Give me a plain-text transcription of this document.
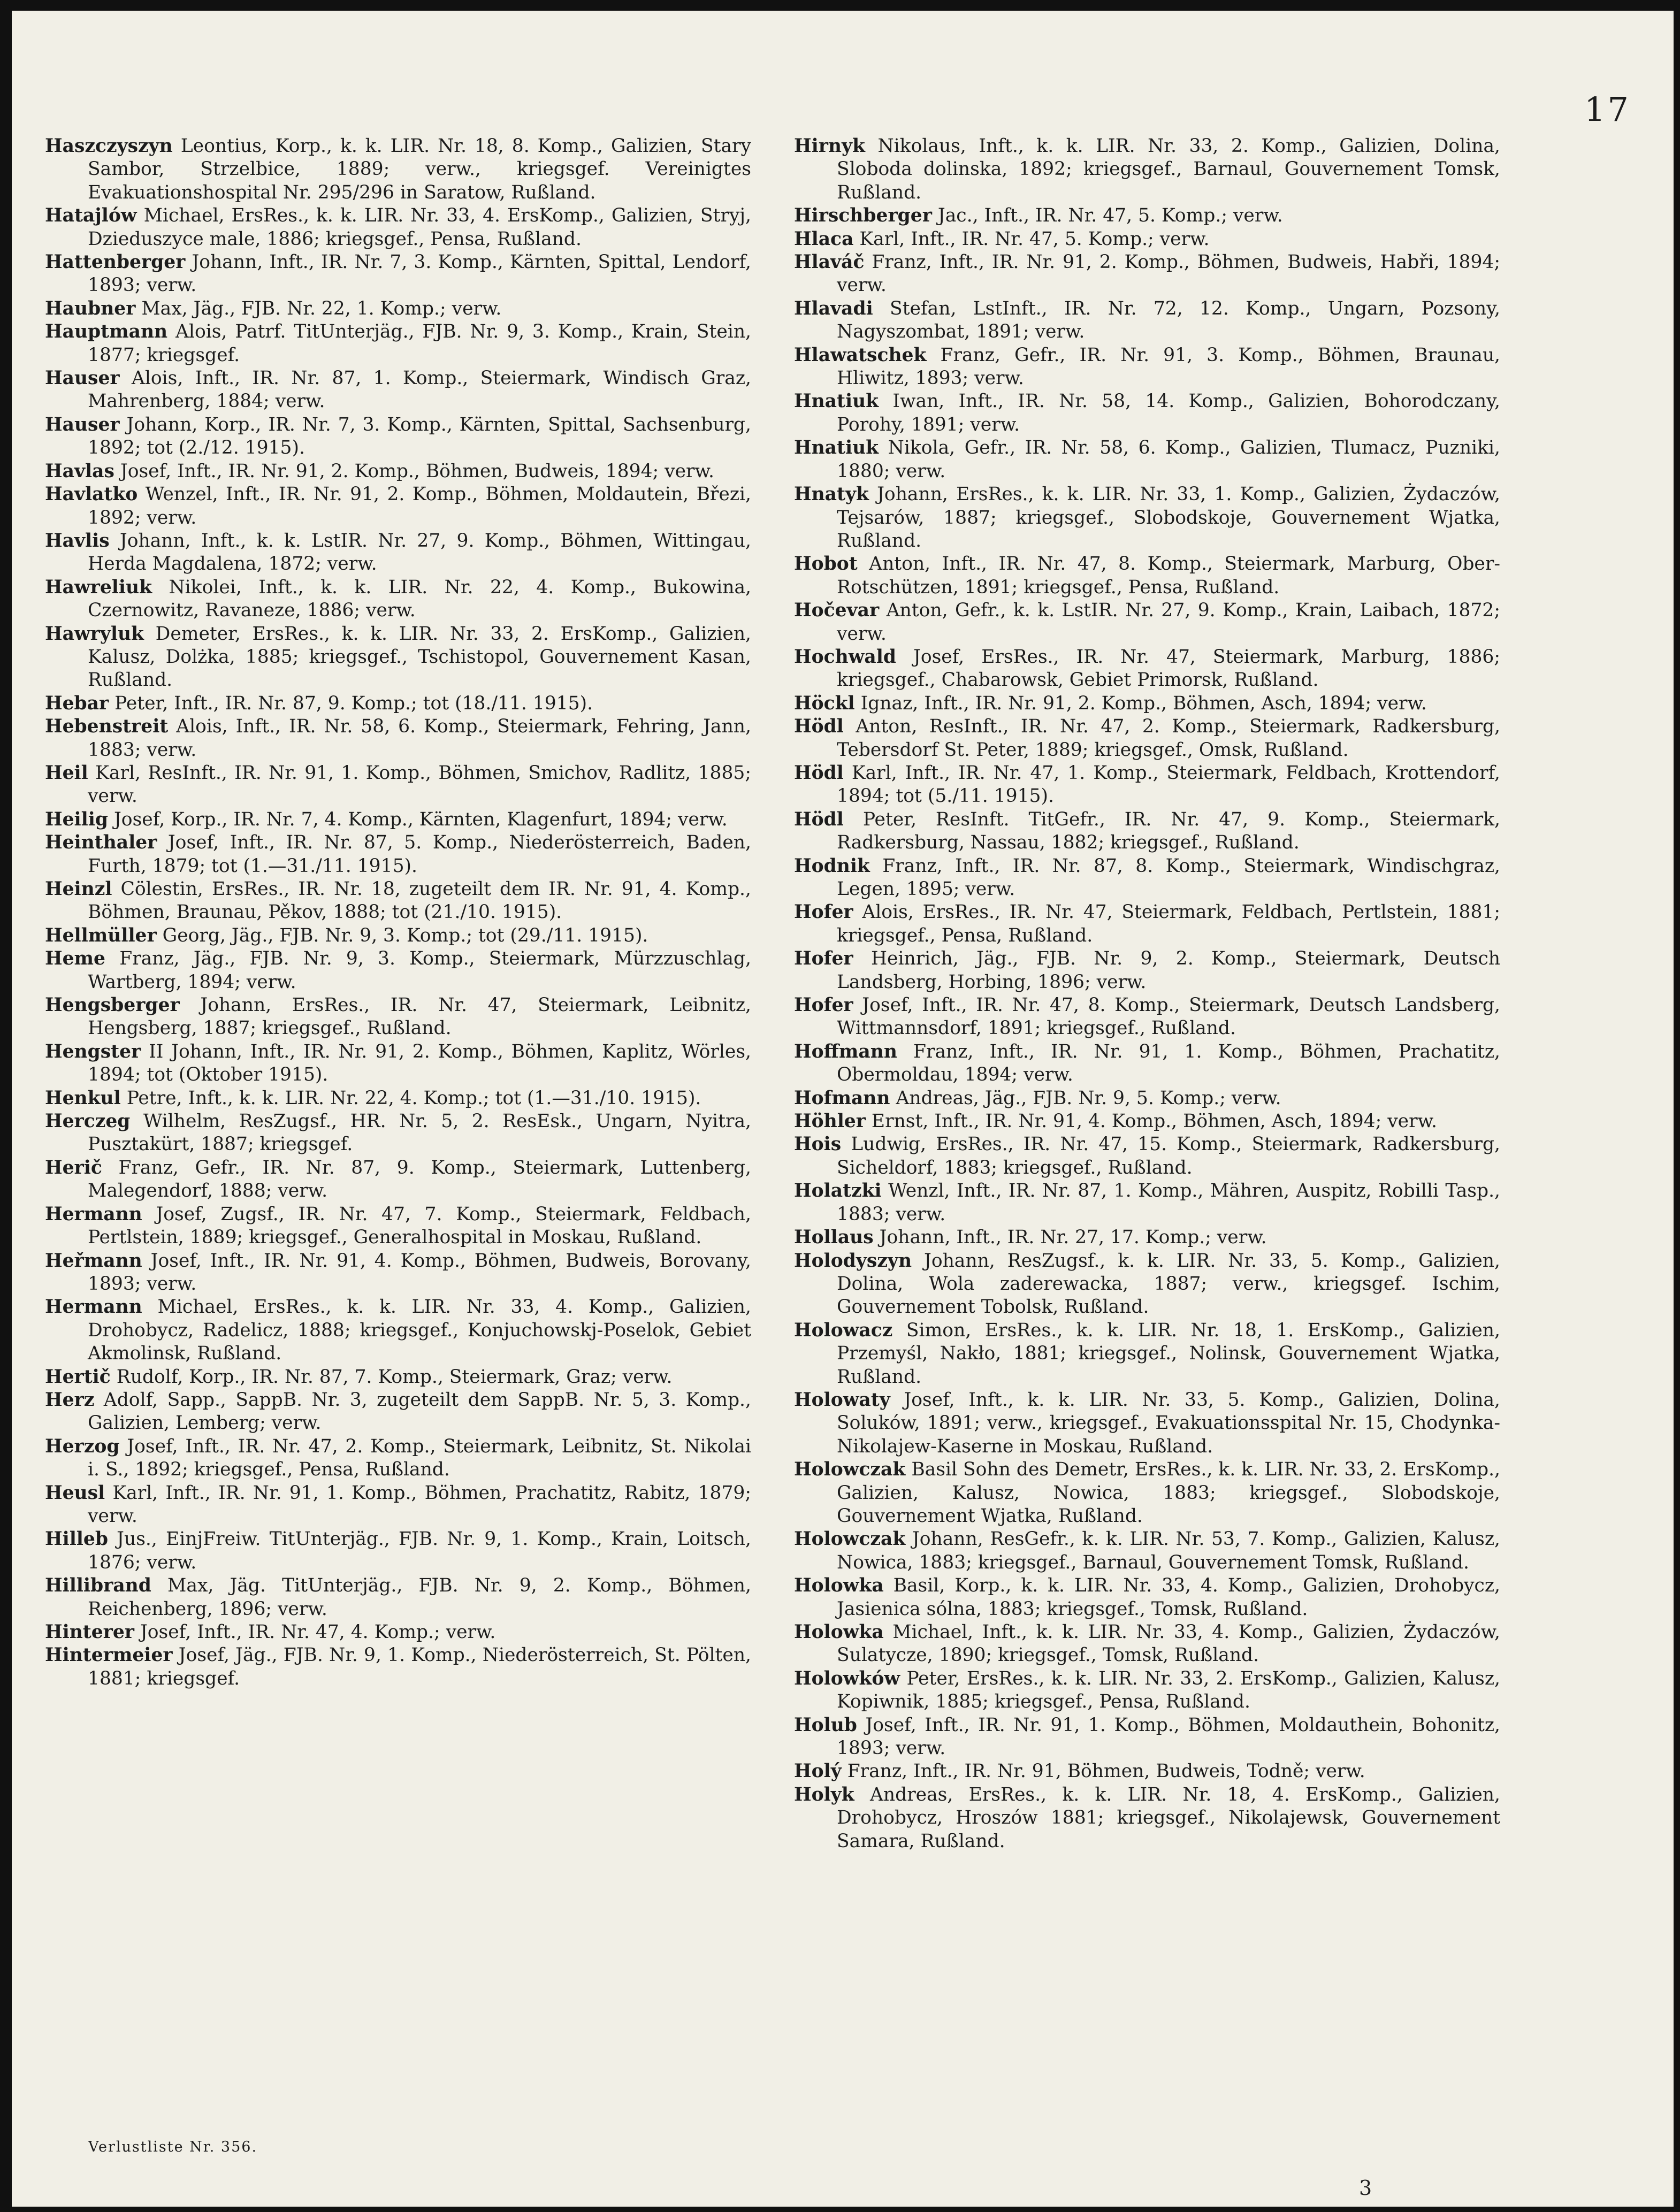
17
Haszczyszyn Leontius, Korp., k. k. LIR. Nr. 18, 8. Komp., Galizien, Stary Sambor, Strzelbice, 1889; verw., kriegsgef. Vereinigtes Evakuationshospital Nr. 295/296 in Saratow, Rußland.
Hatajlów Michael, ErsRes., k. k. LIR. Nr. 33, 4. ErsKomp., Galizien, Stryj, Dzieduszyce male, 1886; kriegsgef., Pensa, Rußland.
Hattenberger Johann, Inft., IR. Nr. 7, 3. Komp., Kärnten, Spittal, Lendorf, 1893; verw.
Haubner Max, Jäg., FJB. Nr. 22, 1. Komp.; verw.
Hauptmann Alois, Patrf. TitUnterjäg., FJB. Nr. 9, 3. Komp., Krain, Stein, 1877; kriegsgef.
Hauser Alois, Inft., IR. Nr. 87, 1. Komp., Steiermark, Windisch Graz, Mahrenberg, 1884; verw.
Hauser Johann, Korp., IR. Nr. 7, 3. Komp., Kärnten, Spittal, Sachsenburg, 1892; tot (2./12. 1915).
Havlas Josef, Inft., IR. Nr. 91, 2. Komp., Böhmen, Budweis, 1894; verw.
Havlatko Wenzel, Inft., IR. Nr. 91, 2. Komp., Böhmen, Moldautein, Březi, 1892; verw.
Havlis Johann, Inft., k. k. LstIR. Nr. 27, 9. Komp., Böhmen, Wittingau, Herda Magdalena, 1872; verw.
Hawreliuk Nikolei, Inft., k. k. LIR. Nr. 22, 4. Komp., Bukowina, Czernowitz, Ravaneze, 1886; verw.
Hawryluk Demeter, ErsRes., k. k. LIR. Nr. 33, 2. ErsKomp., Galizien, Kalusz, Dolżka, 1885; kriegsgef., Tschistopol, Gouvernement Kasan, Rußland.
Hebar Peter, Inft., IR. Nr. 87, 9. Komp.; tot (18./11. 1915).
Hebenstreit Alois, Inft., IR. Nr. 58, 6. Komp., Steiermark, Fehring, Jann, 1883; verw.
Heil Karl, ResInft., IR. Nr. 91, 1. Komp., Böhmen, Smichov, Radlitz, 1885; verw.
Heilig Josef, Korp., IR. Nr. 7, 4. Komp., Kärnten, Klagenfurt, 1894; verw.
Heinthaler Josef, Inft., IR. Nr. 87, 5. Komp., Niederösterreich, Baden, Furth, 1879; tot (1.—31./11. 1915).
Heinzl Cölestin, ErsRes., IR. Nr. 18, zugeteilt dem IR. Nr. 91, 4. Komp., Böhmen, Braunau, Pěkov, 1888; tot (21./10. 1915).
Hellmüller Georg, Jäg., FJB. Nr. 9, 3. Komp.; tot (29./11. 1915).
Heme Franz, Jäg., FJB. Nr. 9, 3. Komp., Steiermark, Mürzzuschlag, Wartberg, 1894; verw.
Hengsberger Johann, ErsRes., IR. Nr. 47, Steiermark, Leibnitz, Hengsberg, 1887; kriegsgef., Rußland.
Hengster II Johann, Inft., IR. Nr. 91, 2. Komp., Böhmen, Kaplitz, Wörles, 1894; tot (Oktober 1915).
Henkul Petre, Inft., k. k. LIR. Nr. 22, 4. Komp.; tot (1.—31./10. 1915).
Herczeg Wilhelm, ResZugsf., HR. Nr. 5, 2. ResEsk., Ungarn, Nyitra, Pusztakürt, 1887; kriegsgef.
Herič Franz, Gefr., IR. Nr. 87, 9. Komp., Steiermark, Luttenberg, Malegendorf, 1888; verw.
Hermann Josef, Zugsf., IR. Nr. 47, 7. Komp., Steiermark, Feldbach, Pertlstein, 1889; kriegsgef., Generalhospital in Moskau, Rußland.
Heřmann Josef, Inft., IR. Nr. 91, 4. Komp., Böhmen, Budweis, Borovany, 1893; verw.
Hermann Michael, ErsRes., k. k. LIR. Nr. 33, 4. Komp., Galizien, Drohobycz, Radelicz, 1888; kriegsgef., Konjuchowskj-Poselok, Gebiet Akmolinsk, Rußland.
Hertič Rudolf, Korp., IR. Nr. 87, 7. Komp., Steiermark, Graz; verw.
Herz Adolf, Sapp., SappB. Nr. 3, zugeteilt dem SappB. Nr. 5, 3. Komp., Galizien, Lemberg; verw.
Herzog Josef, Inft., IR. Nr. 47, 2. Komp., Steiermark, Leibnitz, St. Nikolai i. S., 1892; kriegsgef., Pensa, Rußland.
Heusl Karl, Inft., IR. Nr. 91, 1. Komp., Böhmen, Prachatitz, Rabitz, 1879; verw.
Hilleb Jus., EinjFreiw. TitUnterjäg., FJB. Nr. 9, 1. Komp., Krain, Loitsch, 1876; verw.
Hillibrand Max, Jäg. TitUnterjäg., FJB. Nr. 9, 2. Komp., Böhmen, Reichenberg, 1896; verw.
Hinterer Josef, Inft., IR. Nr. 47, 4. Komp.; verw.
Hintermeier Josef, Jäg., FJB. Nr. 9, 1. Komp., Niederösterreich, St. Pölten, 1881; kriegsgef.
Hirnyk Nikolaus, Inft., k. k. LIR. Nr. 33, 2. Komp., Galizien, Dolina, Sloboda dolinska, 1892; kriegsgef., Barnaul, Gouvernement Tomsk, Rußland.
Hirschberger Jac., Inft., IR. Nr. 47, 5. Komp.; verw.
Hlaca Karl, Inft., IR. Nr. 47, 5. Komp.; verw.
Hlaváč Franz, Inft., IR. Nr. 91, 2. Komp., Böhmen, Budweis, Habři, 1894; verw.
Hlavadi Stefan, LstInft., IR. Nr. 72, 12. Komp., Ungarn, Pozsony, Nagyszombat, 1891; verw.
Hlawatschek Franz, Gefr., IR. Nr. 91, 3. Komp., Böhmen, Braunau, Hliwitz, 1893; verw.
Hnatiuk Iwan, Inft., IR. Nr. 58, 14. Komp., Galizien, Bohorodczany, Porohy, 1891; verw.
Hnatiuk Nikola, Gefr., IR. Nr. 58, 6. Komp., Galizien, Tlumacz, Puzniki, 1880; verw.
Hnatyk Johann, ErsRes., k. k. LIR. Nr. 33, 1. Komp., Galizien, Żydaczów, Tejsarów, 1887; kriegsgef., Slobodskoje, Gouvernement Wjatka, Rußland.
Hobot Anton, Inft., IR. Nr. 47, 8. Komp., Steiermark, Marburg, Ober-Rotschützen, 1891; kriegsgef., Pensa, Rußland.
Hočevar Anton, Gefr., k. k. LstIR. Nr. 27, 9. Komp., Krain, Laibach, 1872; verw.
Hochwald Josef, ErsRes., IR. Nr. 47, Steiermark, Marburg, 1886; kriegsgef., Chabarowsk, Gebiet Primorsk, Rußland.
Höckl Ignaz, Inft., IR. Nr. 91, 2. Komp., Böhmen, Asch, 1894; verw.
Hödl Anton, ResInft., IR. Nr. 47, 2. Komp., Steiermark, Radkersburg, Tebersdorf St. Peter, 1889; kriegsgef., Omsk, Rußland.
Hödl Karl, Inft., IR. Nr. 47, 1. Komp., Steiermark, Feldbach, Krottendorf, 1894; tot (5./11. 1915).
Hödl Peter, ResInft. TitGefr., IR. Nr. 47, 9. Komp., Steiermark, Radkersburg, Nassau, 1882; kriegsgef., Rußland.
Hodnik Franz, Inft., IR. Nr. 87, 8. Komp., Steiermark, Windischgraz, Legen, 1895; verw.
Hofer Alois, ErsRes., IR. Nr. 47, Steiermark, Feldbach, Pertlstein, 1881; kriegsgef., Pensa, Rußland.
Hofer Heinrich, Jäg., FJB. Nr. 9, 2. Komp., Steiermark, Deutsch Landsberg, Horbing, 1896; verw.
Hofer Josef, Inft., IR. Nr. 47, 8. Komp., Steiermark, Deutsch Landsberg, Wittmannsdorf, 1891; kriegsgef., Rußland.
Hoffmann Franz, Inft., IR. Nr. 91, 1. Komp., Böhmen, Prachatitz, Obermoldau, 1894; verw.
Hofmann Andreas, Jäg., FJB. Nr. 9, 5. Komp.; verw.
Höhler Ernst, Inft., IR. Nr. 91, 4. Komp., Böhmen, Asch, 1894; verw.
Hois Ludwig, ErsRes., IR. Nr. 47, 15. Komp., Steiermark, Radkersburg, Sicheldorf, 1883; kriegsgef., Rußland.
Holatzki Wenzl, Inft., IR. Nr. 87, 1. Komp., Mähren, Auspitz, Robilli Tasp., 1883; verw.
Hollaus Johann, Inft., IR. Nr. 27, 17. Komp.; verw.
Holodyszyn Johann, ResZugsf., k. k. LIR. Nr. 33, 5. Komp., Galizien, Dolina, Wola zaderewacka, 1887; verw., kriegsgef. Ischim, Gouvernement Tobolsk, Rußland.
Holowacz Simon, ErsRes., k. k. LIR. Nr. 18, 1. ErsKomp., Galizien, Przemyśl, Nakło, 1881; kriegsgef., Nolinsk, Gouvernement Wjatka, Rußland.
Holowaty Josef, Inft., k. k. LIR. Nr. 33, 5. Komp., Galizien, Dolina, Soluków, 1891; verw., kriegsgef., Evakuationsspital Nr. 15, Chodynka-Nikolajew-Kaserne in Moskau, Rußland.
Holowczak Basil Sohn des Demetr, ErsRes., k. k. LIR. Nr. 33, 2. ErsKomp., Galizien, Kalusz, Nowica, 1883; kriegsgef., Slobodskoje, Gouvernement Wjatka, Rußland.
Holowczak Johann, ResGefr., k. k. LIR. Nr. 53, 7. Komp., Galizien, Kalusz, Nowica, 1883; kriegsgef., Barnaul, Gouvernement Tomsk, Rußland.
Holowka Basil, Korp., k. k. LIR. Nr. 33, 4. Komp., Galizien, Drohobycz, Jasienica sólna, 1883; kriegsgef., Tomsk, Rußland.
Holowka Michael, Inft., k. k. LIR. Nr. 33, 4. Komp., Galizien, Żydaczów, Sulatycze, 1890; kriegsgef., Tomsk, Rußland.
Holowków Peter, ErsRes., k. k. LIR. Nr. 33, 2. ErsKomp., Galizien, Kalusz, Kopiwnik, 1885; kriegsgef., Pensa, Rußland.
Holub Josef, Inft., IR. Nr. 91, 1. Komp., Böhmen, Moldauthein, Bohonitz, 1893; verw.
Holý Franz, Inft., IR. Nr. 91, Böhmen, Budweis, Todně; verw.
Holyk Andreas, ErsRes., k. k. LIR. Nr. 18, 4. ErsKomp., Galizien, Drohobycz, Hroszów 1881; kriegsgef., Nikolajewsk, Gouvernement Samara, Rußland.
Verlustliste Nr. 356.
3
